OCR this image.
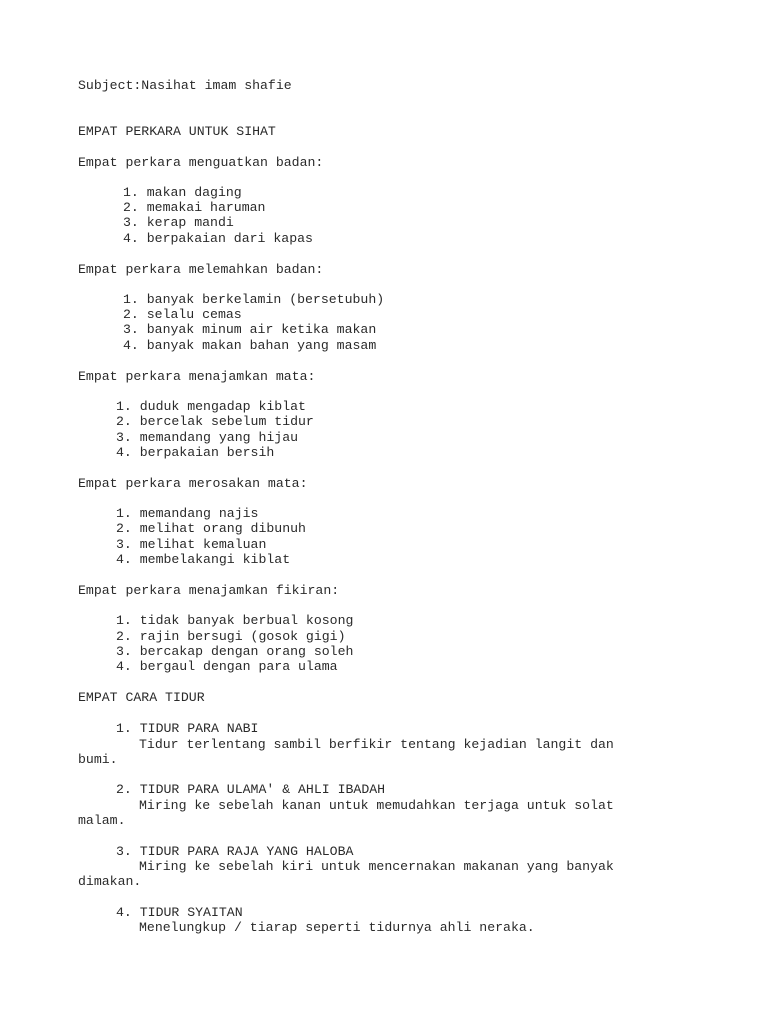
Subject:Nasihat imam shafie
EMPAT PERKARA UNTUK SIHAT
Empat perkara menguatkan badan:
1. makan daging
2. memakai haruman
3. kerap mandi
4. berpakaian dari kapas
Empat perkara melemahkan badan:
1. banyak berkelamin (bersetubuh)
2. selalu cemas
3. banyak minum air ketika makan
4. banyak makan bahan yang masam
Empat perkara menajamkan mata:
1. duduk mengadap kiblat
2. bercelak sebelum tidur
3. memandang yang hijau
4. berpakaian bersih
Empat perkara merosakan mata:
1. memandang najis
2. melihat orang dibunuh
3. melihat kemaluan
4. membelakangi kiblat
Empat perkara menajamkan fikiran:
1. tidak banyak berbual kosong
2. rajin bersugi (gosok gigi)
3. bercakap dengan orang soleh
4. bergaul dengan para ulama
EMPAT CARA TIDUR
1. TIDUR PARA NABI
Tidur terlentang sambil berfikir tentang kejadian langit dan
bumi.
2. TIDUR PARA ULAMA' & AHLI IBADAH
Miring ke sebelah kanan untuk memudahkan terjaga untuk solat
malam.
3. TIDUR PARA RAJA YANG HALOBA
Miring ke sebelah kiri untuk mencernakan makanan yang banyak
dimakan.
4. TIDUR SYAITAN
Menelungkup / tiarap seperti tidurnya ahli neraka.
